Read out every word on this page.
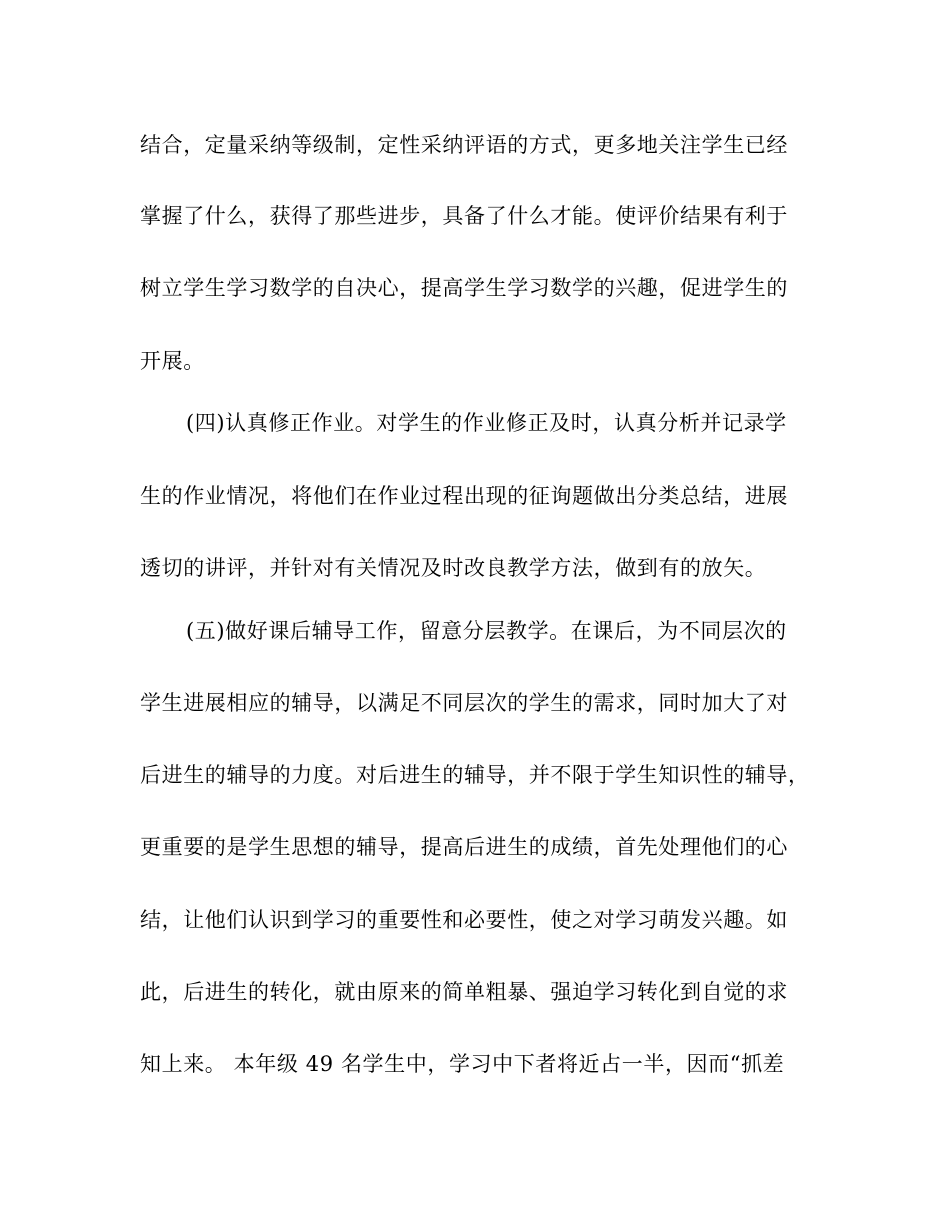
结合，定量采纳等级制，定性采纳评语的方式，更多地关注学生已经
掌握了什么，获得了那些进步，具备了什么才能。使评价结果有利于
树立学生学习数学的自决心，提高学生学习数学的兴趣，促进学生的
开展。
(四)认真修正作业。对学生的作业修正及时，认真分析并记录学
生的作业情况，将他们在作业过程出现的征询题做出分类总结，进展
透切的讲评，并针对有关情况及时改良教学方法，做到有的放矢。
(五)做好课后辅导工作，留意分层教学。在课后，为不同层次的
学生进展相应的辅导，以满足不同层次的学生的需求，同时加大了对
后进生的辅导的力度。对后进生的辅导，并不限于学生知识性的辅导，
更重要的是学生思想的辅导，提高后进生的成绩，首先处理他们的心
结，让他们认识到学习的重要性和必要性，使之对学习萌发兴趣。如
此，后进生的转化，就由原来的简单粗暴、强迫学习转化到自觉的求
知上来。 本年级 49 名学生中，学习中下者将近占一半，因而“抓差
